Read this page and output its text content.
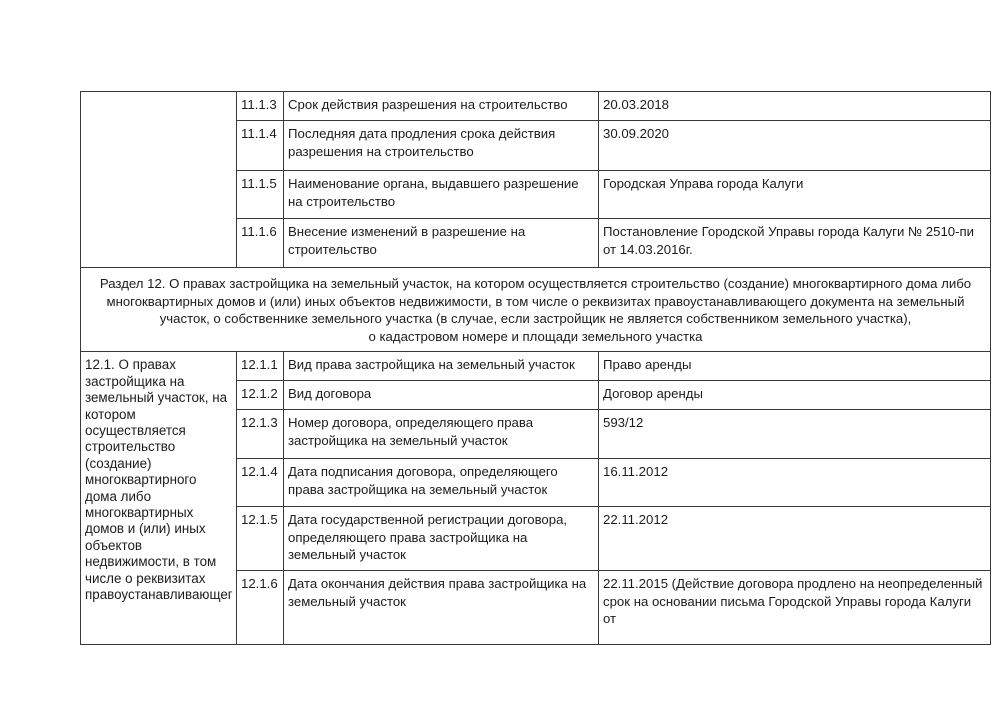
	11.1.3	Срок действия разрешения на строительство	20.03.2018
	11.1.4	Последняя дата продления срока действия разрешения на строительство	30.09.2020
	11.1.5	Наименование органа, выдавшего разрешение на строительство	Городская Управа города Калуги
	11.1.6	Внесение изменений в разрешение на строительство	Постановление Городской Управы города Калуги № 2510-пи от 14.03.2016г.

Раздел 12. О правах застройщика на земельный участок, на котором осуществляется строительство (создание) многоквартирного дома либо
многоквартирных домов и (или) иных объектов недвижимости, в том числе о реквизитах правоустанавливающего документа на земельный
участок, о собственнике земельного участка (в случае, если застройщик не является собственником земельного участка),
о кадастровом номере и площади земельного участка			

12.1. О правах застройщика на земельный участок, на котором осуществляется строительство (создание) многоквартирного дома либо многоквартирных домов и (или) иных объектов недвижимости, в том числе о реквизитах правоустанавливающег	12.1.1	Вид права застройщика на земельный участок	Право аренды
	12.1.2	Вид договора	Договор аренды
	12.1.3	Номер договора, определяющего права застройщика на земельный участок	593/12
	12.1.4	Дата подписания договора, определяющего права застройщика на земельный участок	16.11.2012
	12.1.5	Дата государственной регистрации договора, определяющего права застройщика на земельный участок	22.11.2012
	12.1.6	Дата окончания действия права застройщика на земельный участок	22.11.2015 (Действие договора продлено на неопределенный срок на основании письма Городской Управы города Калуги от
